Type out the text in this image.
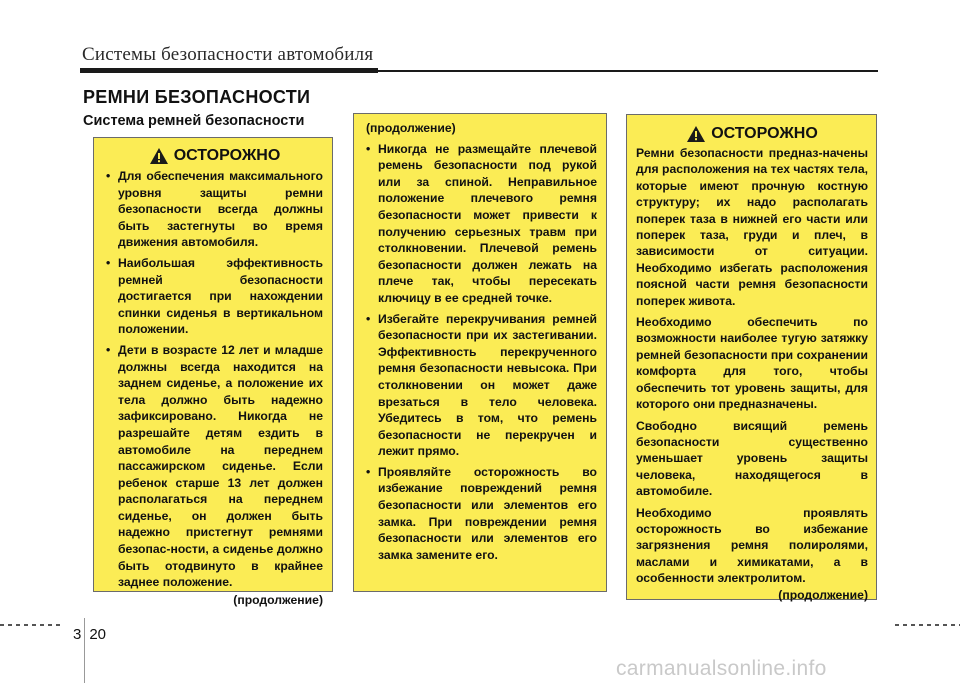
Системы безопасности автомобиля
РЕМНИ БЕЗОПАСНОСТИ
Система ремней безопасности
ОСТОРОЖНО
• Для обеспечения максимального уровня защиты ремни безопасности всегда должны быть застегнуты во время движения автомобиля.
• Наибольшая эффективность ремней безопасности достигается при нахождении спинки сиденья в вертикальном положении.
• Дети в возрасте 12 лет и младше должны всегда находится на заднем сиденье, а положение их тела должно быть надежно зафиксировано. Никогда не разрешайте детям ездить в автомобиле на переднем пассажирском сиденье. Если ребенок старше 13 лет должен располагаться на переднем сиденье, он должен быть надежно пристегнут ремнями безопас-ности, а сиденье должно быть отодвинуто в крайнее заднее положение.
(продолжение)
(продолжение)
• Никогда не размещайте плечевой ремень безопасности под рукой или за спиной. Неправильное положение плечевого ремня безопасности может привести к получению серьезных травм при столкновении. Плечевой ремень безопасности должен лежать на плече так, чтобы пересекать ключицу в ее средней точке.
• Избегайте перекручивания ремней безопасности при их застегивании. Эффективность перекрученного ремня безопасности невысока. При столкновении он может даже врезаться в тело человека. Убедитесь в том, что ремень безопасности не перекручен и лежит прямо.
• Проявляйте осторожность во избежание повреждений ремня безопасности или элементов его замка. При повреждении ремня безопасности или элементов его замка замените его.
ОСТОРОЖНО

Ремни безопасности предназ-начены для расположения на тех частях тела, которые имеют прочную костную структуру; их надо располагать поперек таза в нижней его части или поперек таза, груди и плеч, в зависимости от ситуации. Необходимо избегать расположения поясной части ремня безопасности поперек живота.

Необходимо обеспечить по возможности наиболее тугую затяжку ремней безопасности при сохранении комфорта для того, чтобы обеспечить тот уровень защиты, для которого они предназначены.

Свободно висящий ремень безопасности существенно уменьшает уровень защиты человека, находящегося в автомобиле.

Необходимо проявлять осторожность во избежание загрязнения ремня полиролями, маслами и химикатами, а в особенности электролитом.

(продолжение)
3 20
carmanualsonline.info
